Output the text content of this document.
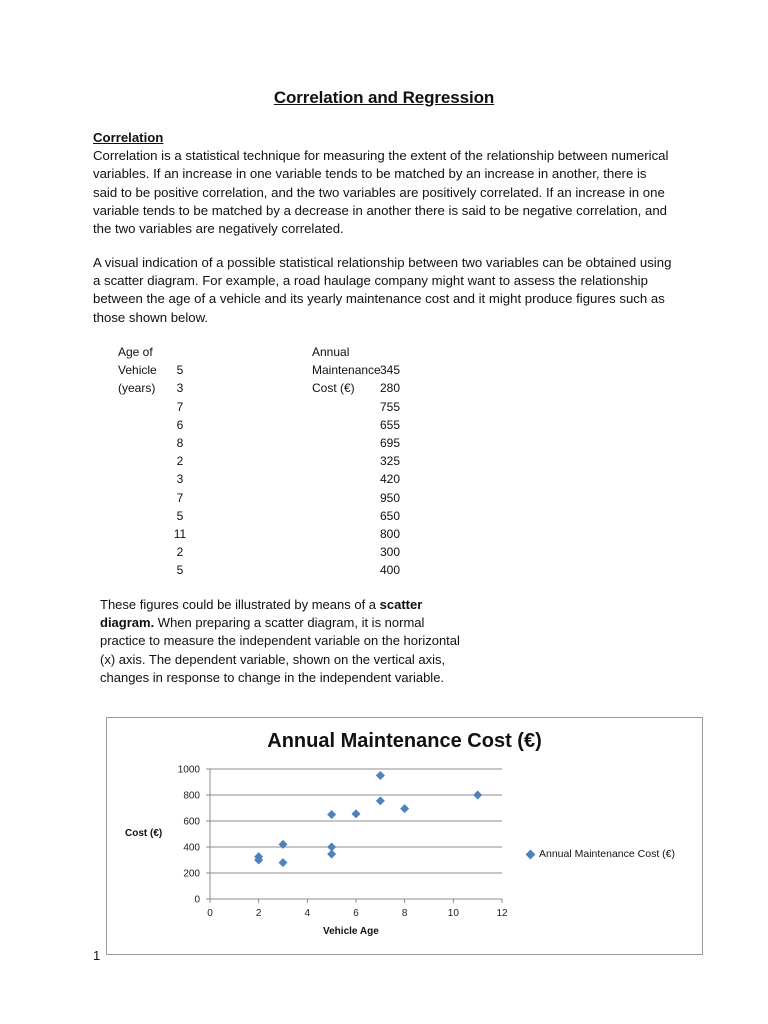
Correlation and Regression
Correlation
Correlation is a statistical technique for measuring the extent of the relationship between numerical variables. If an increase in one variable tends to be matched by an increase in another, there is said to be positive correlation, and the two variables are positively correlated. If an increase in one variable tends to be matched by a decrease in another there is said to be negative correlation, and the two variables are negatively correlated.
A visual indication of a possible statistical relationship between two variables can be obtained using a scatter diagram. For example, a road haulage company might want to assess the relationship between the age of a vehicle and its yearly maintenance cost and it might produce figures such as those shown below.
Age of Vehicle (years)
Annual Maintenance Cost (€)
5	345
3	280
7	755
6	655
8	695
2	325
3	420
7	950
5	650
11	800
2	300
5	400
These figures could be illustrated by means of a scatter diagram. When preparing a scatter diagram, it is normal practice to measure the independent variable on the horizontal (x) axis. The dependent variable, shown on the vertical axis, changes in response to change in the independent variable.
Annual Maintenance Cost (€)
0
200
400
600
800
1000
0	2	4	6	8	10	12
Cost (€)
Vehicle Age
Annual Maintenance Cost (€)
1
